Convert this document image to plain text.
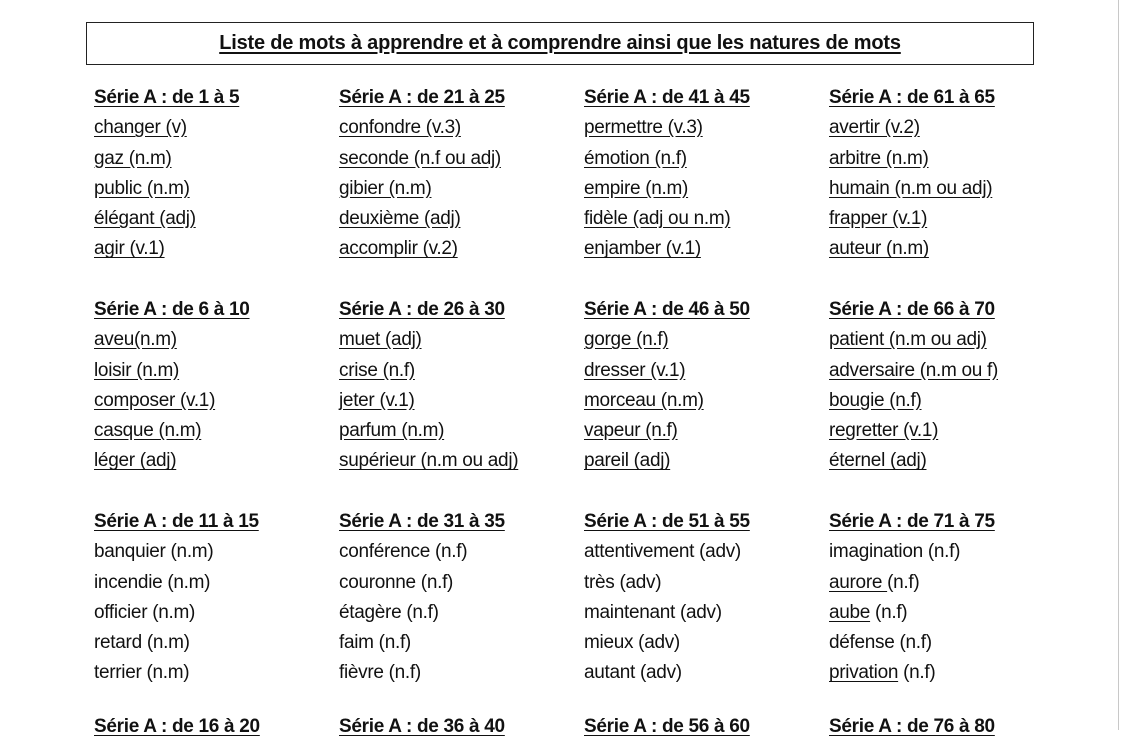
Liste de mots à apprendre et à comprendre ainsi que les natures de mots
Série A : de 1 à 5
changer (v)
gaz (n.m)
public (n.m)
élégant (adj)
agir (v.1)
Série A : de 6 à 10
aveu(n.m)
loisir (n.m)
composer (v.1)
casque (n.m)
léger (adj)
Série A : de 11 à 15
banquier (n.m)
incendie (n.m)
officier (n.m)
retard (n.m)
terrier (n.m)
Série A : de 16 à 20
Série A : de 21 à 25
confondre (v.3)
seconde (n.f ou adj)
gibier (n.m)
deuxième (adj)
accomplir (v.2)
Série A : de 26 à 30
muet (adj)
crise (n.f)
jeter (v.1)
parfum (n.m)
supérieur (n.m ou adj)
Série A : de 31 à 35
conférence (n.f)
couronne (n.f)
étagère (n.f)
faim (n.f)
fièvre (n.f)
Série A : de 36 à 40
Série A : de 41 à 45
permettre (v.3)
émotion (n.f)
empire (n.m)
fidèle (adj ou n.m)
enjamber (v.1)
Série A : de 46 à 50
gorge (n.f)
dresser (v.1)
morceau (n.m)
vapeur (n.f)
pareil (adj)
Série A : de 51 à 55
attentivement (adv)
très (adv)
maintenant (adv)
mieux (adv)
autant (adv)
Série A : de 56 à 60
Série A : de 61 à 65
avertir (v.2)
arbitre (n.m)
humain (n.m ou adj)
frapper (v.1)
auteur (n.m)
Série A : de 66 à 70
patient (n.m ou adj)
adversaire (n.m ou f)
bougie (n.f)
regretter (v.1)
éternel (adj)
Série A : de 71 à 75
imagination (n.f)
aurore (n.f)
aube (n.f)
défense (n.f)
privation (n.f)
Série A : de 76 à 80
